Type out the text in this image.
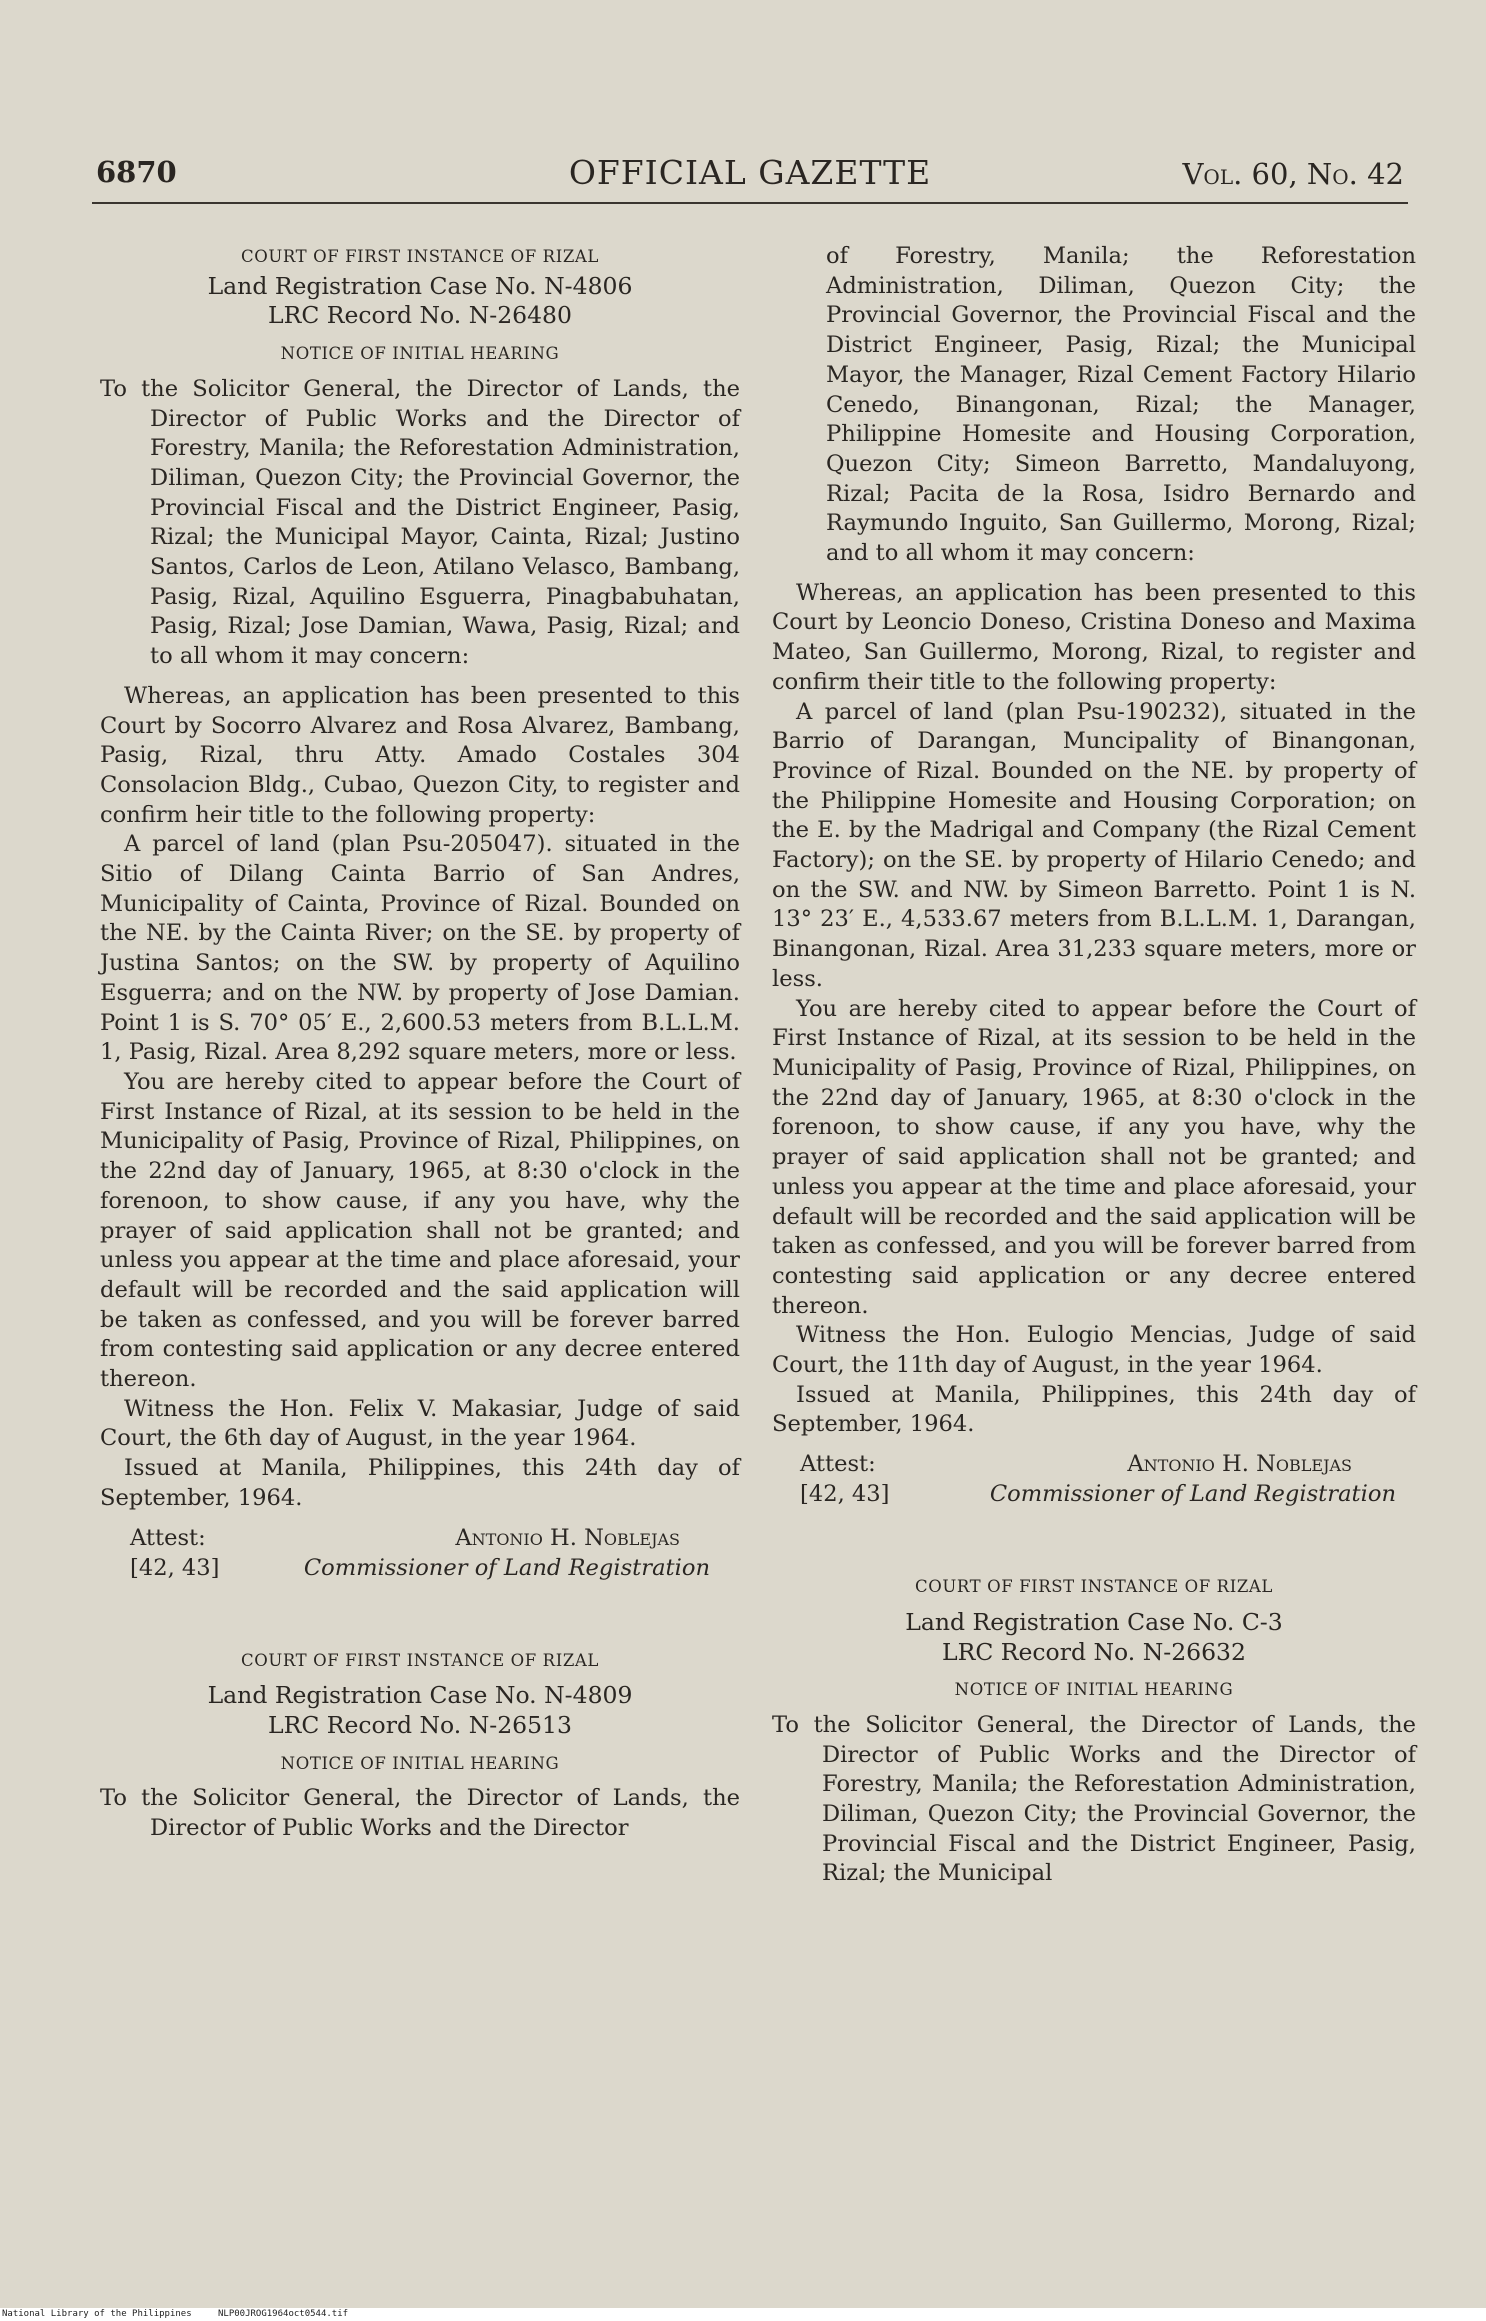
6870	OFFICIAL GAZETTE	Vol. 60, No. 42

COURT OF FIRST INSTANCE OF RIZAL

Land Registration Case No. N-4806

LRC Record No. N-26480

NOTICE OF INITIAL HEARING

To the Solicitor General, the Director of Lands, the Director of Public Works and the Director of Forestry, Manila; the Reforestation Administration, Diliman, Quezon City; the Provincial Governor, the Provincial Fiscal and the District Engineer, Pasig, Rizal; the Municipal Mayor, Cainta, Rizal; Justino Santos, Carlos de Leon, Atilano Velasco, Bambang, Pasig, Rizal, Aquilino Esguerra, Pinagbabuhatan, Pasig, Rizal; Jose Damian, Wawa, Pasig, Rizal; and to all whom it may concern:

Whereas, an application has been presented to this Court by Socorro Alvarez and Rosa Alvarez, Bambang, Pasig, Rizal, thru Atty. Amado Costales 304 Consolacion Bldg., Cubao, Quezon City, to register and confirm heir title to the following property:

A parcel of land (plan Psu-205047). situated in the Sitio of Dilang Cainta Barrio of San Andres, Municipality of Cainta, Province of Rizal. Bounded on the NE. by the Cainta River; on the SE. by property of Justina Santos; on the SW. by property of Aquilino Esguerra; and on the NW. by property of Jose Damian. Point 1 is S. 70° 05′ E., 2,600.53 meters from B.L.L.M. 1, Pasig, Rizal. Area 8,292 square meters, more or less.

You are hereby cited to appear before the Court of First Instance of Rizal, at its session to be held in the Municipality of Pasig, Province of Rizal, Philippines, on the 22nd day of January, 1965, at 8:30 o'clock in the forenoon, to show cause, if any you have, why the prayer of said application shall not be granted; and unless you appear at the time and place aforesaid, your default will be recorded and the said application will be taken as confessed, and you will be forever barred from contesting said application or any decree entered thereon.

Witness the Hon. Felix V. Makasiar, Judge of said Court, the 6th day of August, in the year 1964.

Issued at Manila, Philippines, this 24th day of September, 1964.

Attest:
[42, 43]
Antonio H. Noblejas
Commissioner of Land Registration

COURT OF FIRST INSTANCE OF RIZAL

Land Registration Case No. N-4809

LRC Record No. N-26513

NOTICE OF INITIAL HEARING

To the Solicitor General, the Director of Lands, the Director of Public Works and the Director

of Forestry, Manila; the Reforestation Administration, Diliman, Quezon City; the Provincial Governor, the Provincial Fiscal and the District Engineer, Pasig, Rizal; the Municipal Mayor, the Manager, Rizal Cement Factory Hilario Cenedo, Binangonan, Rizal; the Manager, Philippine Homesite and Housing Corporation, Quezon City; Simeon Barretto, Mandaluyong, Rizal; Pacita de la Rosa, Isidro Bernardo and Raymundo Inguito, San Guillermo, Morong, Rizal; and to all whom it may concern:

Whereas, an application has been presented to this Court by Leoncio Doneso, Cristina Doneso and Maxima Mateo, San Guillermo, Morong, Rizal, to register and confirm their title to the following property:

A parcel of land (plan Psu-190232), situated in the Barrio of Darangan, Muncipality of Binangonan, Province of Rizal. Bounded on the NE. by property of the Philippine Homesite and Housing Corporation; on the E. by the Madrigal and Company (the Rizal Cement Factory); on the SE. by property of Hilario Cenedo; and on the SW. and NW. by Simeon Barretto. Point 1 is N. 13° 23′ E., 4,533.67 meters from B.L.L.M. 1, Darangan, Binangonan, Rizal. Area 31,233 square meters, more or less.

You are hereby cited to appear before the Court of First Instance of Rizal, at its session to be held in the Municipality of Pasig, Province of Rizal, Philippines, on the 22nd day of January, 1965, at 8:30 o'clock in the forenoon, to show cause, if any you have, why the prayer of said application shall not be granted; and unless you appear at the time and place aforesaid, your default will be recorded and the said application will be taken as confessed, and you will be forever barred from contesting said application or any decree entered thereon.

Witness the Hon. Eulogio Mencias, Judge of said Court, the 11th day of August, in the year 1964.

Issued at Manila, Philippines, this 24th day of September, 1964.

Attest:
[42, 43]
Antonio H. Noblejas
Commissioner of Land Registration

COURT OF FIRST INSTANCE OF RIZAL

Land Registration Case No. C-3

LRC Record No. N-26632

NOTICE OF INITIAL HEARING

To the Solicitor General, the Director of Lands, the Director of Public Works and the Director of Forestry, Manila; the Reforestation Administration, Diliman, Quezon City; the Provincial Governor, the Provincial Fiscal and the District Engineer, Pasig, Rizal; the Municipal

National Library of the Philippines	NLP00JROG1964oct0544.tif
